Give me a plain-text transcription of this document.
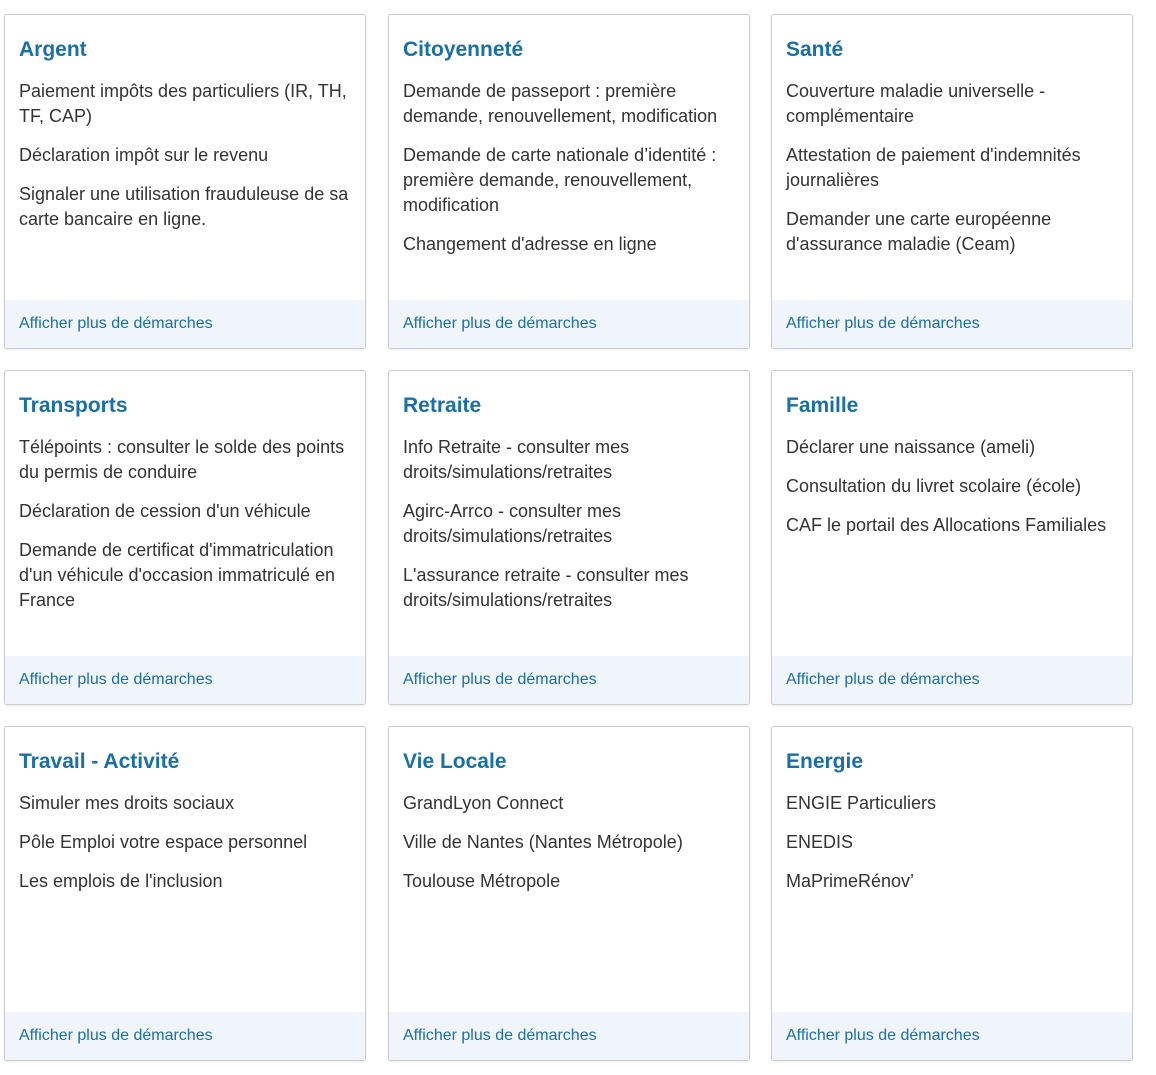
Argent
Paiement impôts des particuliers (IR, TH, TF, CAP)
Déclaration impôt sur le revenu
Signaler une utilisation frauduleuse de sa carte bancaire en ligne.
Afficher plus de démarches
Citoyenneté
Demande de passeport : première demande, renouvellement, modification
Demande de carte nationale d’identité : première demande, renouvellement, modification
Changement d'adresse en ligne
Afficher plus de démarches
Santé
Couverture maladie universelle - complémentaire
Attestation de paiement d'indemnités journalières
Demander une carte européenne d'assurance maladie (Ceam)
Afficher plus de démarches
Transports
Télépoints : consulter le solde des points du permis de conduire
Déclaration de cession d'un véhicule
Demande de certificat d'immatriculation d'un véhicule d'occasion immatriculé en France
Afficher plus de démarches
Retraite
Info Retraite - consulter mes droits/simulations/retraites
Agirc-Arrco - consulter mes droits/simulations/retraites
L'assurance retraite - consulter mes droits/simulations/retraites
Afficher plus de démarches
Famille
Déclarer une naissance (ameli)
Consultation du livret scolaire (école)
CAF le portail des Allocations Familiales
Afficher plus de démarches
Travail - Activité
Simuler mes droits sociaux
Pôle Emploi votre espace personnel
Les emplois de l'inclusion
Afficher plus de démarches
Vie Locale
GrandLyon Connect
Ville de Nantes (Nantes Métropole)
Toulouse Métropole
Afficher plus de démarches
Energie
ENGIE Particuliers
ENEDIS
MaPrimeRénov’
Afficher plus de démarches
